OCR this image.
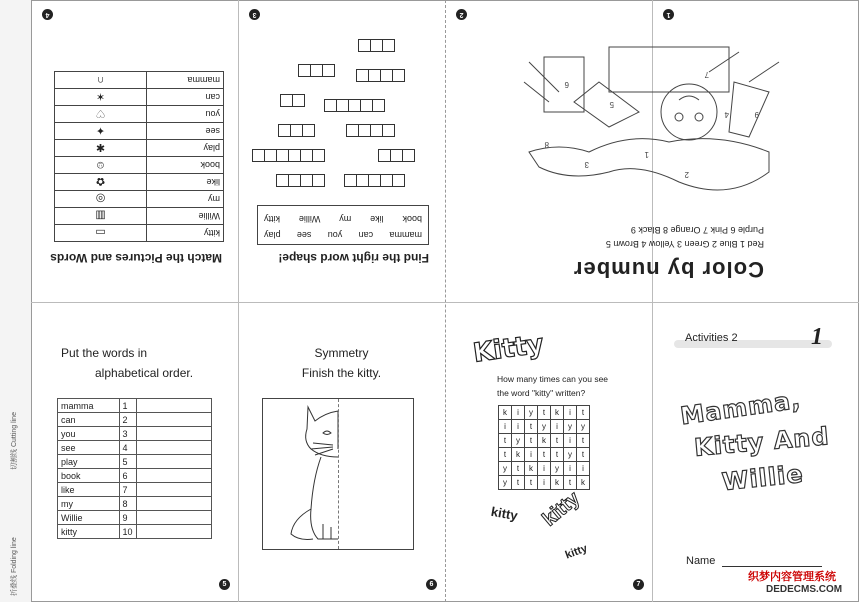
折叠线 Folding line
切割线 Cutting line
Match the Pictures and Words
kitty	▭
Willie	▥
my	◎
like	✿
book	☺
play	✱
see	✦
you	♡
can	✶
mamma	∩
4
Find the right word shape!
mamma
can
you
see
play
book
like
my
Willie
kitty
3
Color by number
Red 1 Blue 2 Green 3 Yellow 4 Brown 5
Purple 6 Pink 7 Orange 8 Black 9
1
2
3
4
5
6
7
8
9
2	1
Put the words in
alphabetical order.
mamma	1	
can	2	
you	3	
see	4	
play	5	
book	6	
like	7	
my	8	
Willie	9	
kitty	10	
5
Symmetry
Finish the kitty.
6
Kitty
How many times can you see
the word "kitty" written?
k	i	y	t	k	i	t
i	i	t	y	i	y	y
t	y	t	k	t	i	t
t	k	i	t	t	y	t
y	t	k	i	y	i	i
y	t	t	i	k	t	k
kitty kitty
kitty
7
Activities 2	1
Mamma,
Kitty And
Willie
Name
织梦内容管理系统
DEDECMS.COM
